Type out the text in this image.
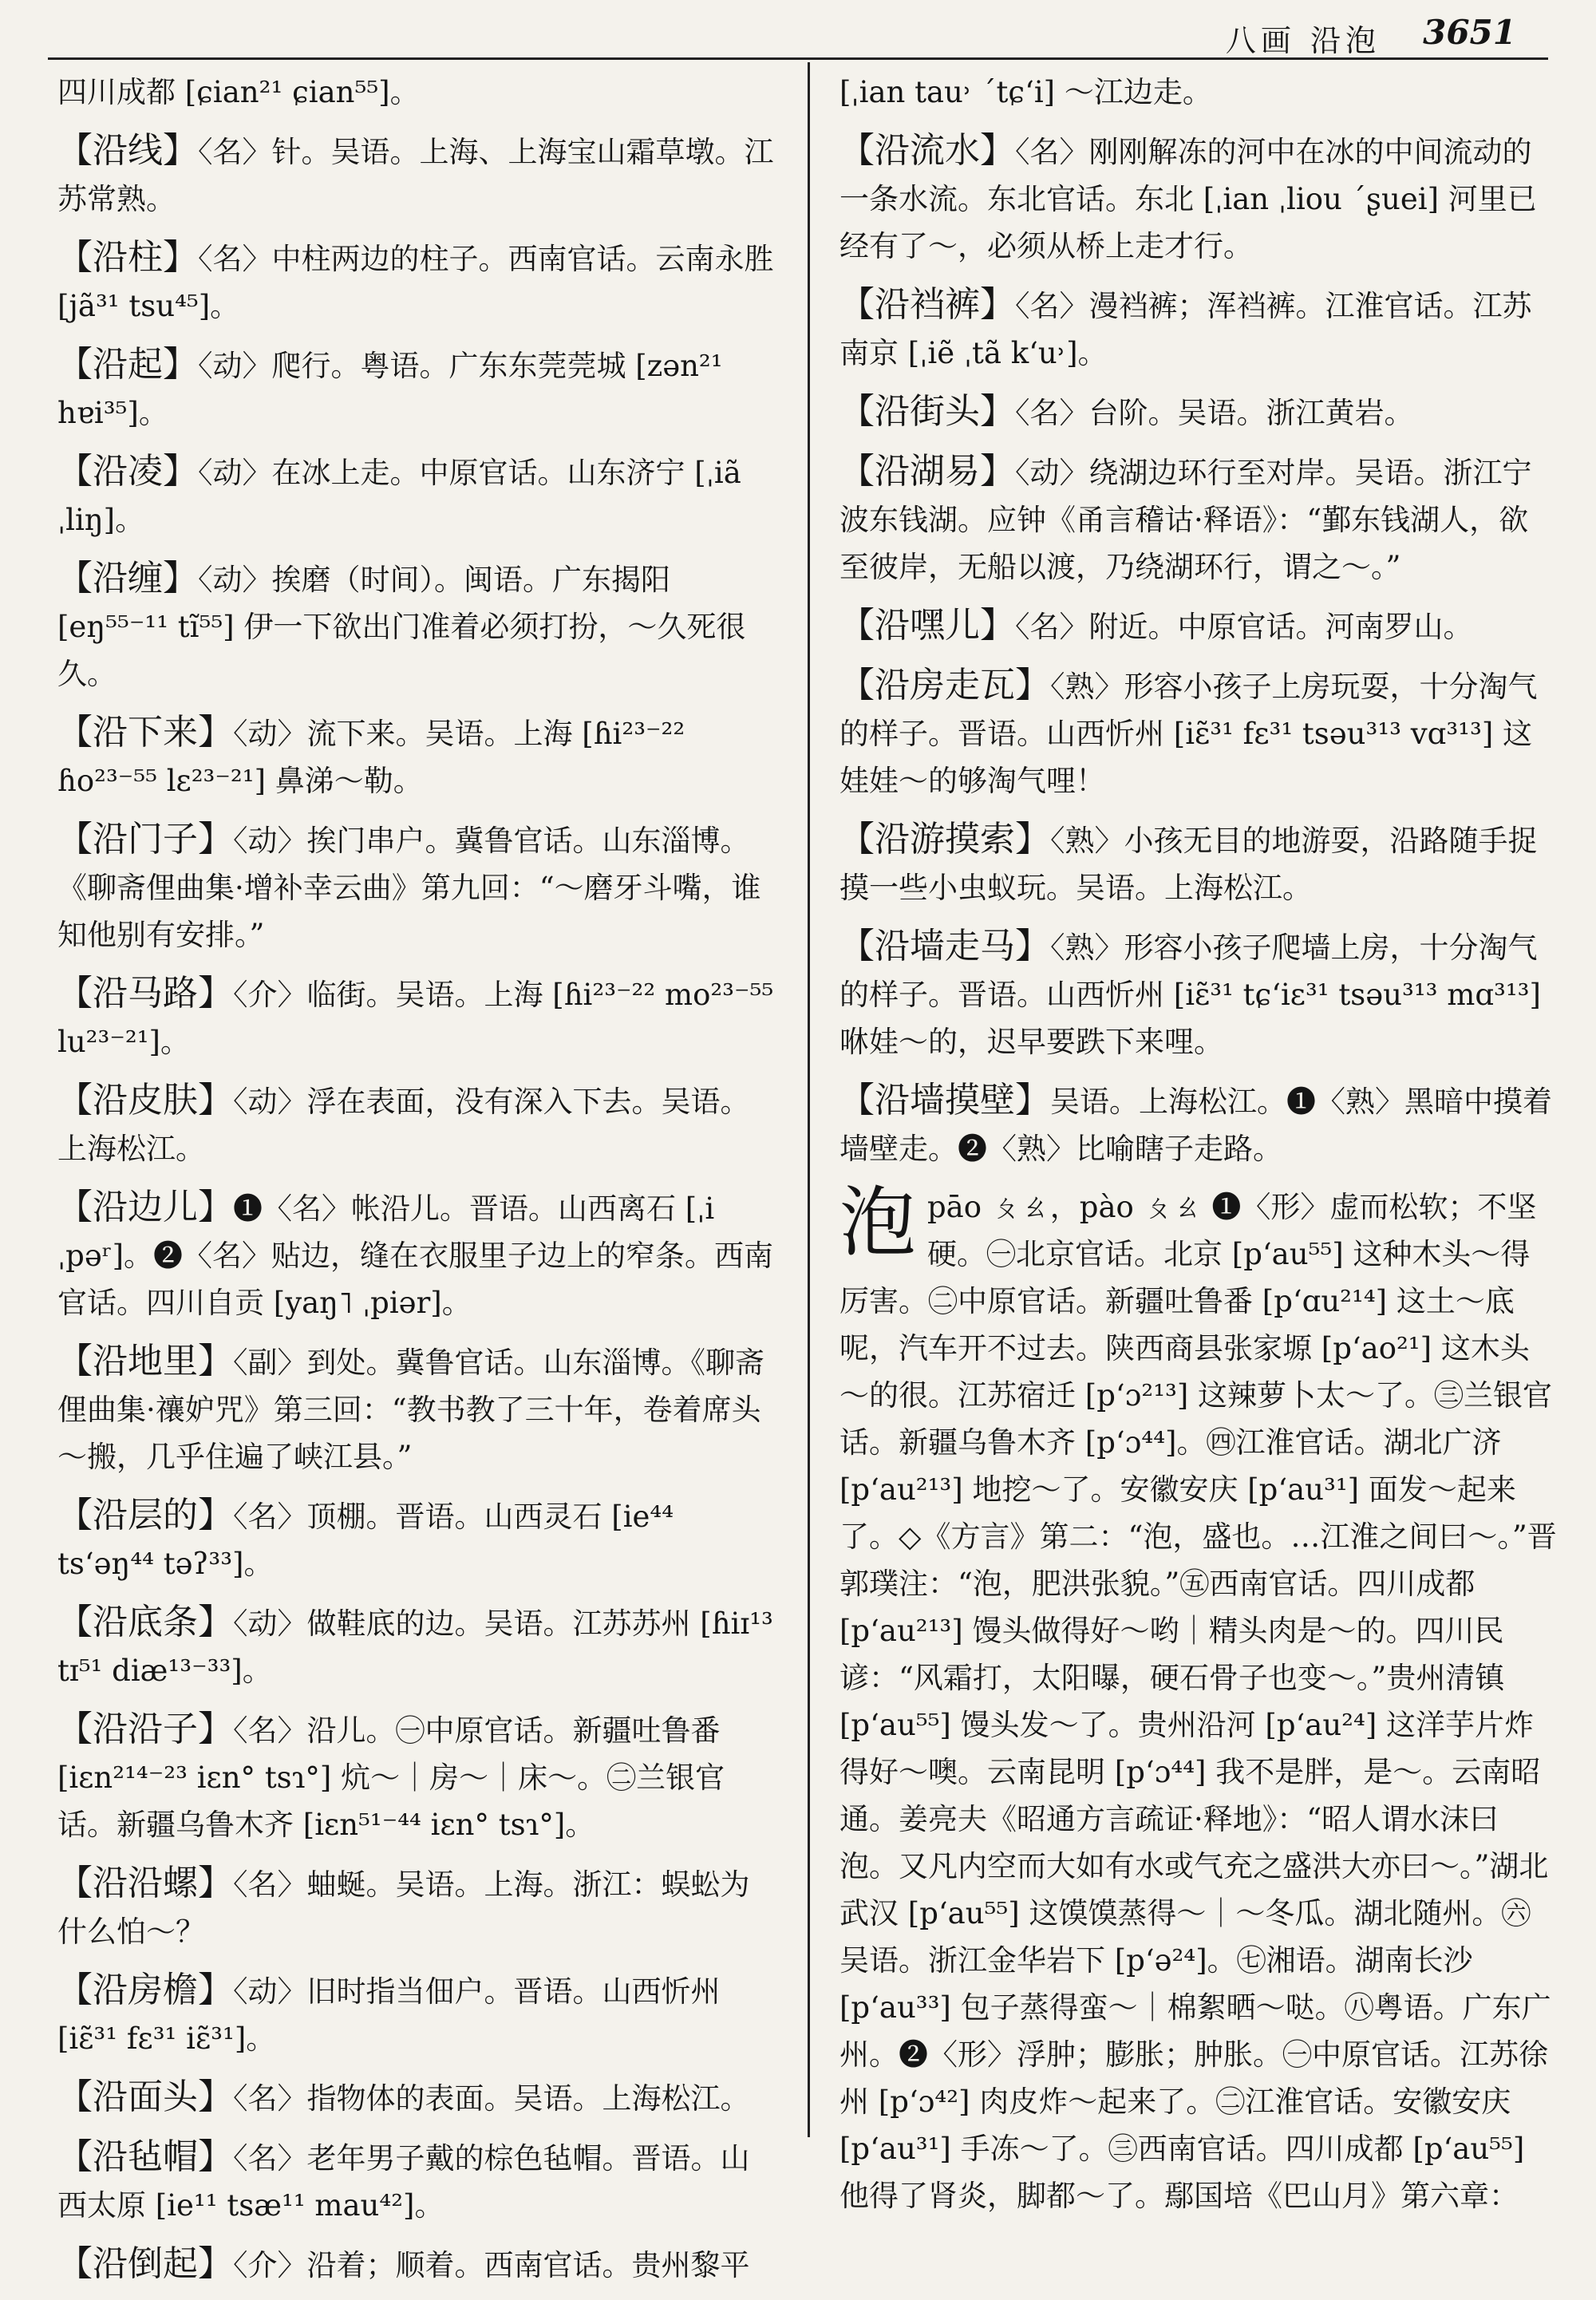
八画 沿泡 3651
四川成都 [ɕian²¹ ɕian⁵⁵]。
【沿线】〈名〉针。吴语。上海、上海宝山霜草墩。江苏常熟。
【沿柱】〈名〉中柱两边的柱子。西南官话。云南永胜 [jã³¹ tsu⁴⁵]。
【沿起】〈动〉爬行。粤语。广东东莞莞城 [zən²¹ hɐi³⁵]。
【沿凌】〈动〉在冰上走。中原官话。山东济宁 [ˌiã ˌliŋ]。
【沿缠】〈动〉挨磨（时间）。闽语。广东揭阳 [eŋ⁵⁵⁻¹¹ tĩ⁵⁵] 伊一下欲出门准着必须打扮，～久死很久。
【沿下来】〈动〉流下来。吴语。上海 [ɦi²³⁻²² ɦo²³⁻⁵⁵ lɛ²³⁻²¹] 鼻涕～勒。
【沿门子】〈动〉挨门串户。冀鲁官话。山东淄博。《聊斋俚曲集·增补幸云曲》第九回：“～磨牙斗嘴，谁知他别有安排。”
【沿马路】〈介〉临街。吴语。上海 [ɦi²³⁻²² mo²³⁻⁵⁵ lu²³⁻²¹]。
【沿皮肤】〈动〉浮在表面，没有深入下去。吴语。上海松江。
【沿边儿】❶〈名〉帐沿儿。晋语。山西离石 [ˌi ˌpəʳ]。❷〈名〉贴边，缝在衣服里子边上的窄条。西南官话。四川自贡 [yaŋ˥ ˌpiər]。
【沿地里】〈副〉到处。冀鲁官话。山东淄博。《聊斋俚曲集·禳妒咒》第三回：“教书教了三十年，卷着席头～搬，几乎住遍了峡江县。”
【沿层的】〈名〉顶棚。晋语。山西灵石 [ie⁴⁴ tsʻəŋ⁴⁴ təʔ³³]。
【沿底条】〈动〉做鞋底的边。吴语。江苏苏州 [ɦiɪ¹³ tɪ⁵¹ diæ¹³⁻³³]。
【沿沿子】〈名〉沿儿。㊀中原官话。新疆吐鲁番 [iɛn²¹⁴⁻²³ iɛn° tsɿ°] 炕～｜房～｜床～。㊁兰银官话。新疆乌鲁木齐 [iɛn⁵¹⁻⁴⁴ iɛn° tsɿ°]。
【沿沿螺】〈名〉蚰蜒。吴语。上海。浙江：蜈蚣为什么怕～？
【沿房檐】〈动〉旧时指当佃户。晋语。山西忻州 [iɛ̃³¹ fɛ³¹ iɛ̃³¹]。
【沿面头】〈名〉指物体的表面。吴语。上海松江。
【沿毡帽】〈名〉老年男子戴的棕色毡帽。晋语。山西太原 [ie¹¹ tsæ¹¹ mau⁴²]。
【沿倒起】〈介〉沿着；顺着。西南官话。贵州黎平
[ˌian tau˒ ˊtɕʻi] ～江边走。
【沿流水】〈名〉刚刚解冻的河中在冰的中间流动的一条水流。东北官话。东北 [ˌian ˌliou ˊʂuei] 河里已经有了～，必须从桥上走才行。
【沿裆裤】〈名〉漫裆裤；浑裆裤。江淮官话。江苏南京 [ˌiẽ ˌtã kʻu˒]。
【沿街头】〈名〉台阶。吴语。浙江黄岩。
【沿湖易】〈动〉绕湖边环行至对岸。吴语。浙江宁波东钱湖。应钟《甬言稽诂·释语》：“鄞东钱湖人，欲至彼岸，无船以渡，乃绕湖环行，谓之～。”
【沿嘿儿】〈名〉附近。中原官话。河南罗山。
【沿房走瓦】〈熟〉形容小孩子上房玩耍，十分淘气的样子。晋语。山西忻州 [iɛ̃³¹ fɛ³¹ tsəu³¹³ vɑ³¹³] 这娃娃～的够淘气哩！
【沿游摸索】〈熟〉小孩无目的地游耍，沿路随手捉摸一些小虫蚁玩。吴语。上海松江。
【沿墙走马】〈熟〉形容小孩子爬墙上房，十分淘气的样子。晋语。山西忻州 [iɛ̃³¹ tɕʻiɛ³¹ tsəu³¹³ mɑ³¹³] 咻娃～的，迟早要跌下来哩。
【沿墙摸壁】吴语。上海松江。❶〈熟〉黑暗中摸着墙壁走。❷〈熟〉比喻瞎子走路。
泡pāo ㄆㄠ，pào ㄆㄠ ❶〈形〉虚而松软；不坚硬。㊀北京官话。北京 [pʻau⁵⁵] 这种木头～得厉害。㊁中原官话。新疆吐鲁番 [pʻɑu²¹⁴] 这土～底呢，汽车开不过去。陕西商县张家塬 [pʻao²¹] 这木头～的很。江苏宿迁 [pʻɔ²¹³] 这辣萝卜太～了。㊂兰银官话。新疆乌鲁木齐 [pʻɔ⁴⁴]。㊃江淮官话。湖北广济 [pʻau²¹³] 地挖～了。安徽安庆 [pʻau³¹] 面发～起来了。◇《方言》第二：“泡，盛也。…江淮之间曰～。”晋郭璞注：“泡，肥洪张貌。”㊄西南官话。四川成都 [pʻau²¹³] 馒头做得好～哟｜精头肉是～的。四川民谚：“风霜打，太阳曝，硬石骨子也变～。”贵州清镇 [pʻau⁵⁵] 馒头发～了。贵州沿河 [pʻau²⁴] 这洋芋片炸得好～噢。云南昆明 [pʻɔ⁴⁴] 我不是胖，是～。云南昭通。姜亮夫《昭通方言疏证·释地》：“昭人谓水沫曰泡。又凡内空而大如有水或气充之盛洪大亦曰～。”湖北武汉 [pʻau⁵⁵] 这馍馍蒸得～｜～冬瓜。湖北随州。㊅吴语。浙江金华岩下 [pʻə²⁴]。㊆湘语。湖南长沙 [pʻau³³] 包子蒸得蛮～｜棉絮晒～哒。㊇粤语。广东广州。❷〈形〉浮肿；膨胀；肿胀。㊀中原官话。江苏徐州 [pʻɔ⁴²] 肉皮炸～起来了。㊁江淮官话。安徽安庆 [pʻau³¹] 手冻～了。㊂西南官话。四川成都 [pʻau⁵⁵] 他得了肾炎，脚都～了。鄢国培《巴山月》第六章：
